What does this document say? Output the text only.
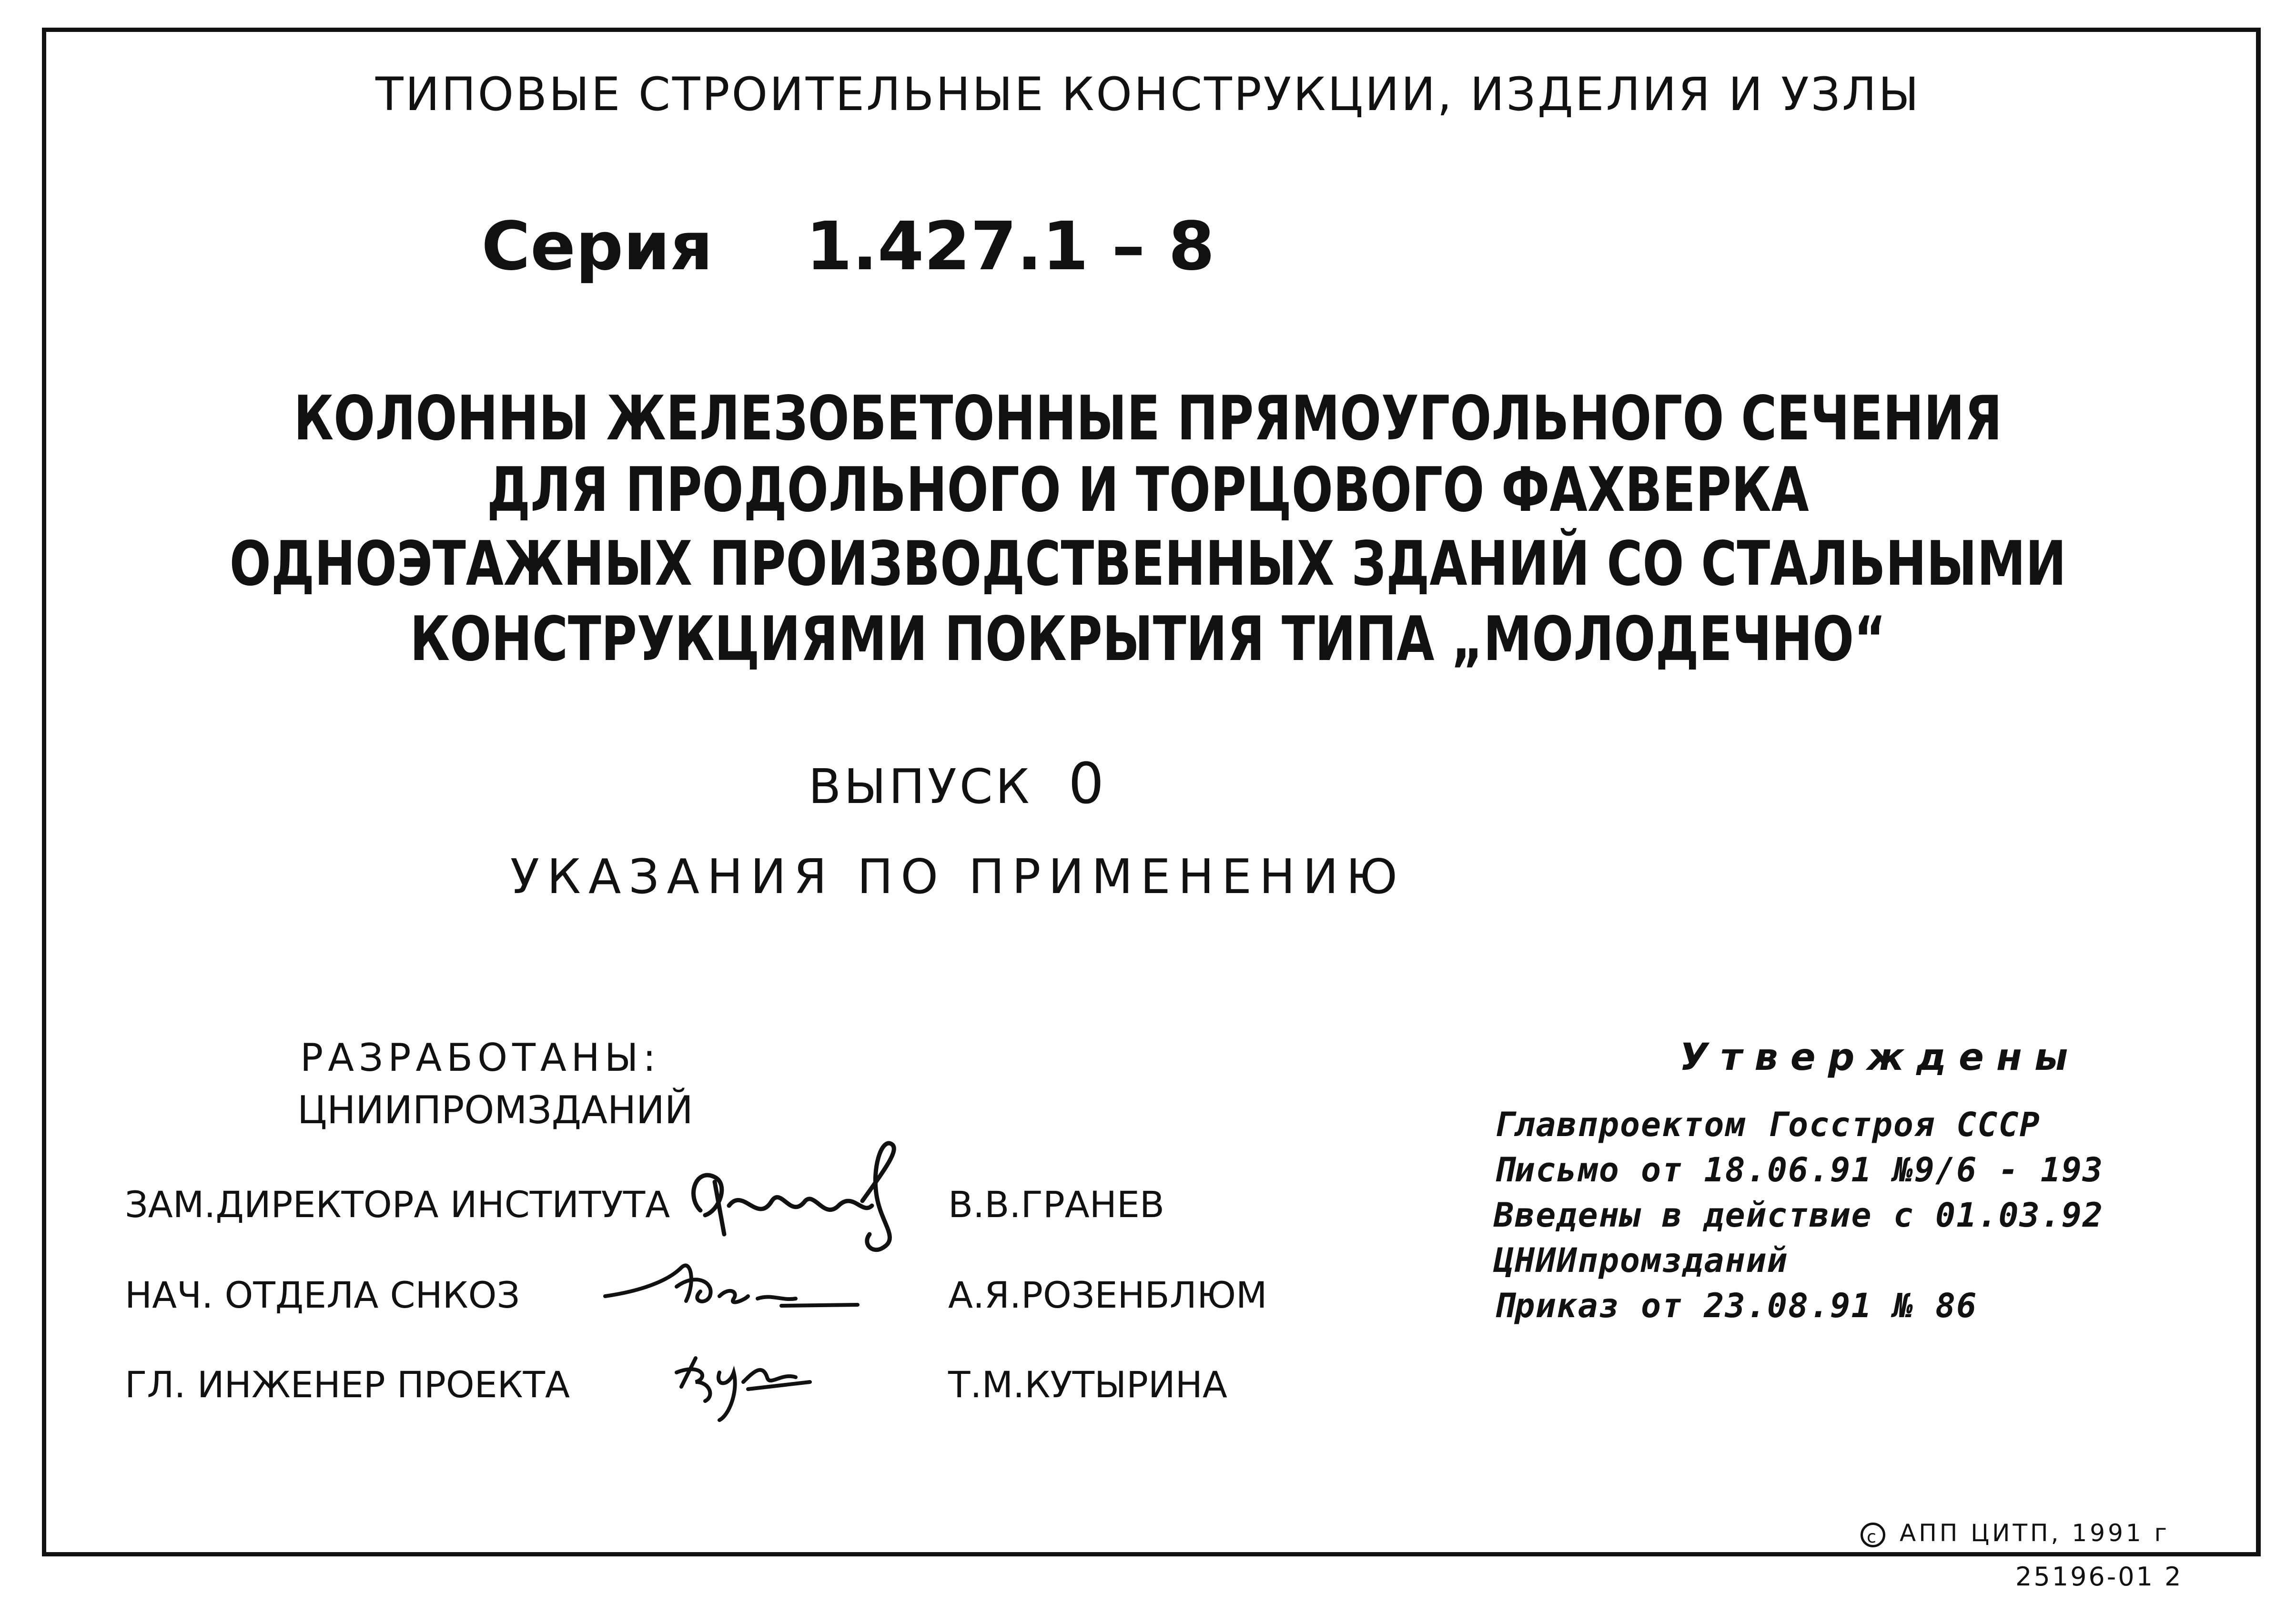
ТИПОВЫЕ СТРОИТЕЛЬНЫЕ КОНСТРУКЦИИ, ИЗДЕЛИЯ И УЗЛЫ
Серия 1.427.1 – 8
КОЛОННЫ ЖЕЛЕЗОБЕТОННЫЕ ПРЯМОУГОЛЬНОГО СЕЧЕНИЯ
ДЛЯ ПРОДОЛЬНОГО И ТОРЦОВОГО ФАХВЕРКА
ОДНОЭТАЖНЫХ ПРОИЗВОДСТВЕННЫХ ЗДАНИЙ СО СТАЛЬНЫМИ
КОНСТРУКЦИЯМИ ПОКРЫТИЯ ТИПА „МОЛОДЕЧНО“
ВЫПУСК 0
УКАЗАНИЯ ПО ПРИМЕНЕНИЮ
РАЗРАБОТАНЫ:
ЦНИИПРОМЗДАНИЙ
ЗАМ.ДИРЕКТОРА ИНСТИТУТА	В.В.ГРАНЕВ
НАЧ. ОТДЕЛА СНКОЗ	А.Я.РОЗЕНБЛЮМ
ГЛ. ИНЖЕНЕР ПРОЕКТА	Т.М.КУТЫРИНА
Утверждены
Главпроектом Госстроя СССР
Письмо от 18.06.91 №9/6 - 193
Введены в действие с 01.03.92
ЦНИИпромзданий
Приказ от 23.08.91 № 86
c АПП ЦИТП, 1991 г
25196-01 2
